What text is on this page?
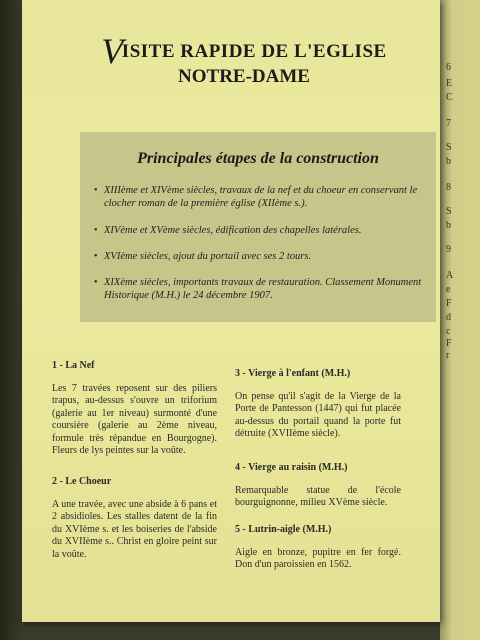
6
E
C
7
S
b
8
S
b
9
A
e
F
d
c
F
r
VISITE RAPIDE DE L'EGLISE
NOTRE-DAME
Principales étapes de la construction
• XIIIème et XIVème siècles, travaux de la nef et du choeur en conservant le clocher roman de la première église (XIIème s.).
• XIVème et XVème siècles, édification des chapelles latérales.
• XVIème siècles, ajout du portail avec ses 2 tours.
• XIXème siècles, importants travaux de restauration. Classement Monument Historique (M.H.) le 24 décembre 1907.
1 - La Nef
Les 7 travées reposent sur des piliers trapus, au-dessus s'ouvre un triforium (galerie au 1er niveau) surmonté d'une coursière (galerie au 2ème niveau, formule très répandue en Bourgogne). Fleurs de lys peintes sur la voûte.
2 - Le Choeur
A une travée, avec une abside à 6 pans et 2 absidioles. Les stalles datent de la fin du XVIème s. et les boiseries de l'abside du XVIIème s.. Christ en gloire peint sur la voûte.
3 - Vierge à l'enfant (M.H.)
On pense qu'il s'agit de la Vierge de la Porte de Pantesson (1447) qui fut placée au-dessus du portail quand la porte fut détruite (XVIIème siècle).
4 - Vierge au raisin (M.H.)
Remarquable statue de l'école bourguignonne, milieu XVème siècle.
5 - Lutrin-aigle (M.H.)
Aigle en bronze, pupitre en fer forgé. Don d'un paroissien en 1562.
